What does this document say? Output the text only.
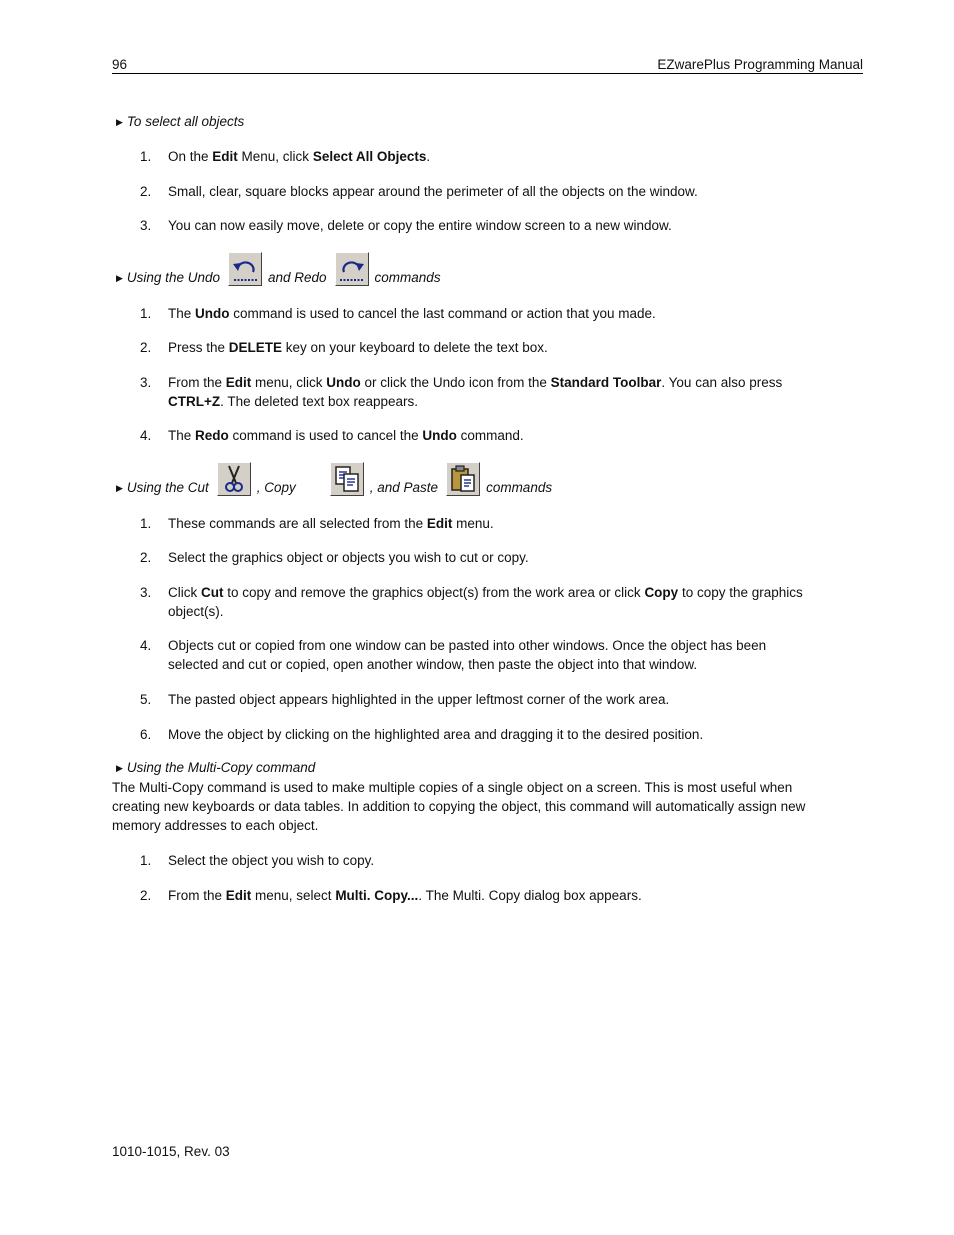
96	EZwarePlus Programming Manual
▶ To select all objects
1.	On the Edit Menu, click Select All Objects.
2.	Small, clear, square blocks appear around the perimeter of all the objects on the window.
3.	You can now easily move, delete or copy the entire window screen to a new window.
▶ Using the Undo	and Redo	commands
1.	The Undo command is used to cancel the last command or action that you made.
2.	Press the DELETE key on your keyboard to delete the text box.
3.	From the Edit menu, click Undo or click the Undo icon from the Standard Toolbar. You can also press CTRL+Z. The deleted text box reappears.
4.	The Redo command is used to cancel the Undo command.
▶ Using the Cut	, Copy	, and Paste	commands
1.	These commands are all selected from the Edit menu.
2.	Select the graphics object or objects you wish to cut or copy.
3.	Click Cut to copy and remove the graphics object(s) from the work area or click Copy to copy the graphics object(s).
4.	Objects cut or copied from one window can be pasted into other windows. Once the object has been selected and cut or copied, open another window, then paste the object into that window.
5.	The pasted object appears highlighted in the upper leftmost corner of the work area.
6.	Move the object by clicking on the highlighted area and dragging it to the desired position.
▶ Using the Multi-Copy command
The Multi-Copy command is used to make multiple copies of a single object on a screen. This is most useful when creating new keyboards or data tables. In addition to copying the object, this command will automatically assign new memory addresses to each object.
1.	Select the object you wish to copy.
2.	From the Edit menu, select Multi. Copy.... The Multi. Copy dialog box appears.
1010-1015, Rev. 03
